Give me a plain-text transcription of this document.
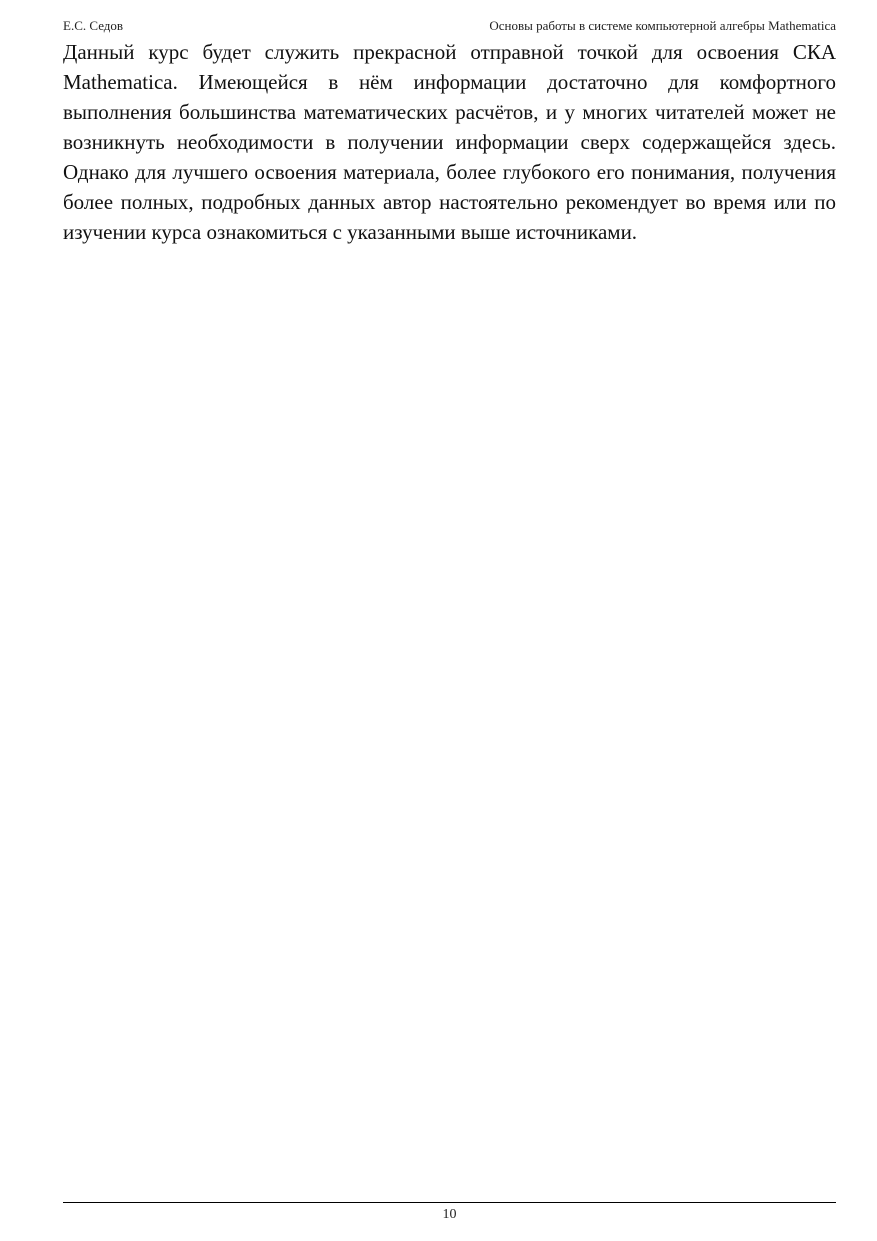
Е.С. Седов	Основы работы в системе компьютерной алгебры Mathematica

Данный курс будет служить прекрасной отправной точкой для освоения СКА Mathematica. Имеющейся в нём информации достаточно для комфортного выполнения большинства математических расчётов, и у многих читателей может не возникнуть необходимости в получении информации сверх содержащейся здесь. Однако для лучшего освоения материала, более глубокого его понимания, получения более полных, подробных данных автор настоятельно рекомендует во время или по изучении курса ознакомиться с указанными выше источниками.

10
